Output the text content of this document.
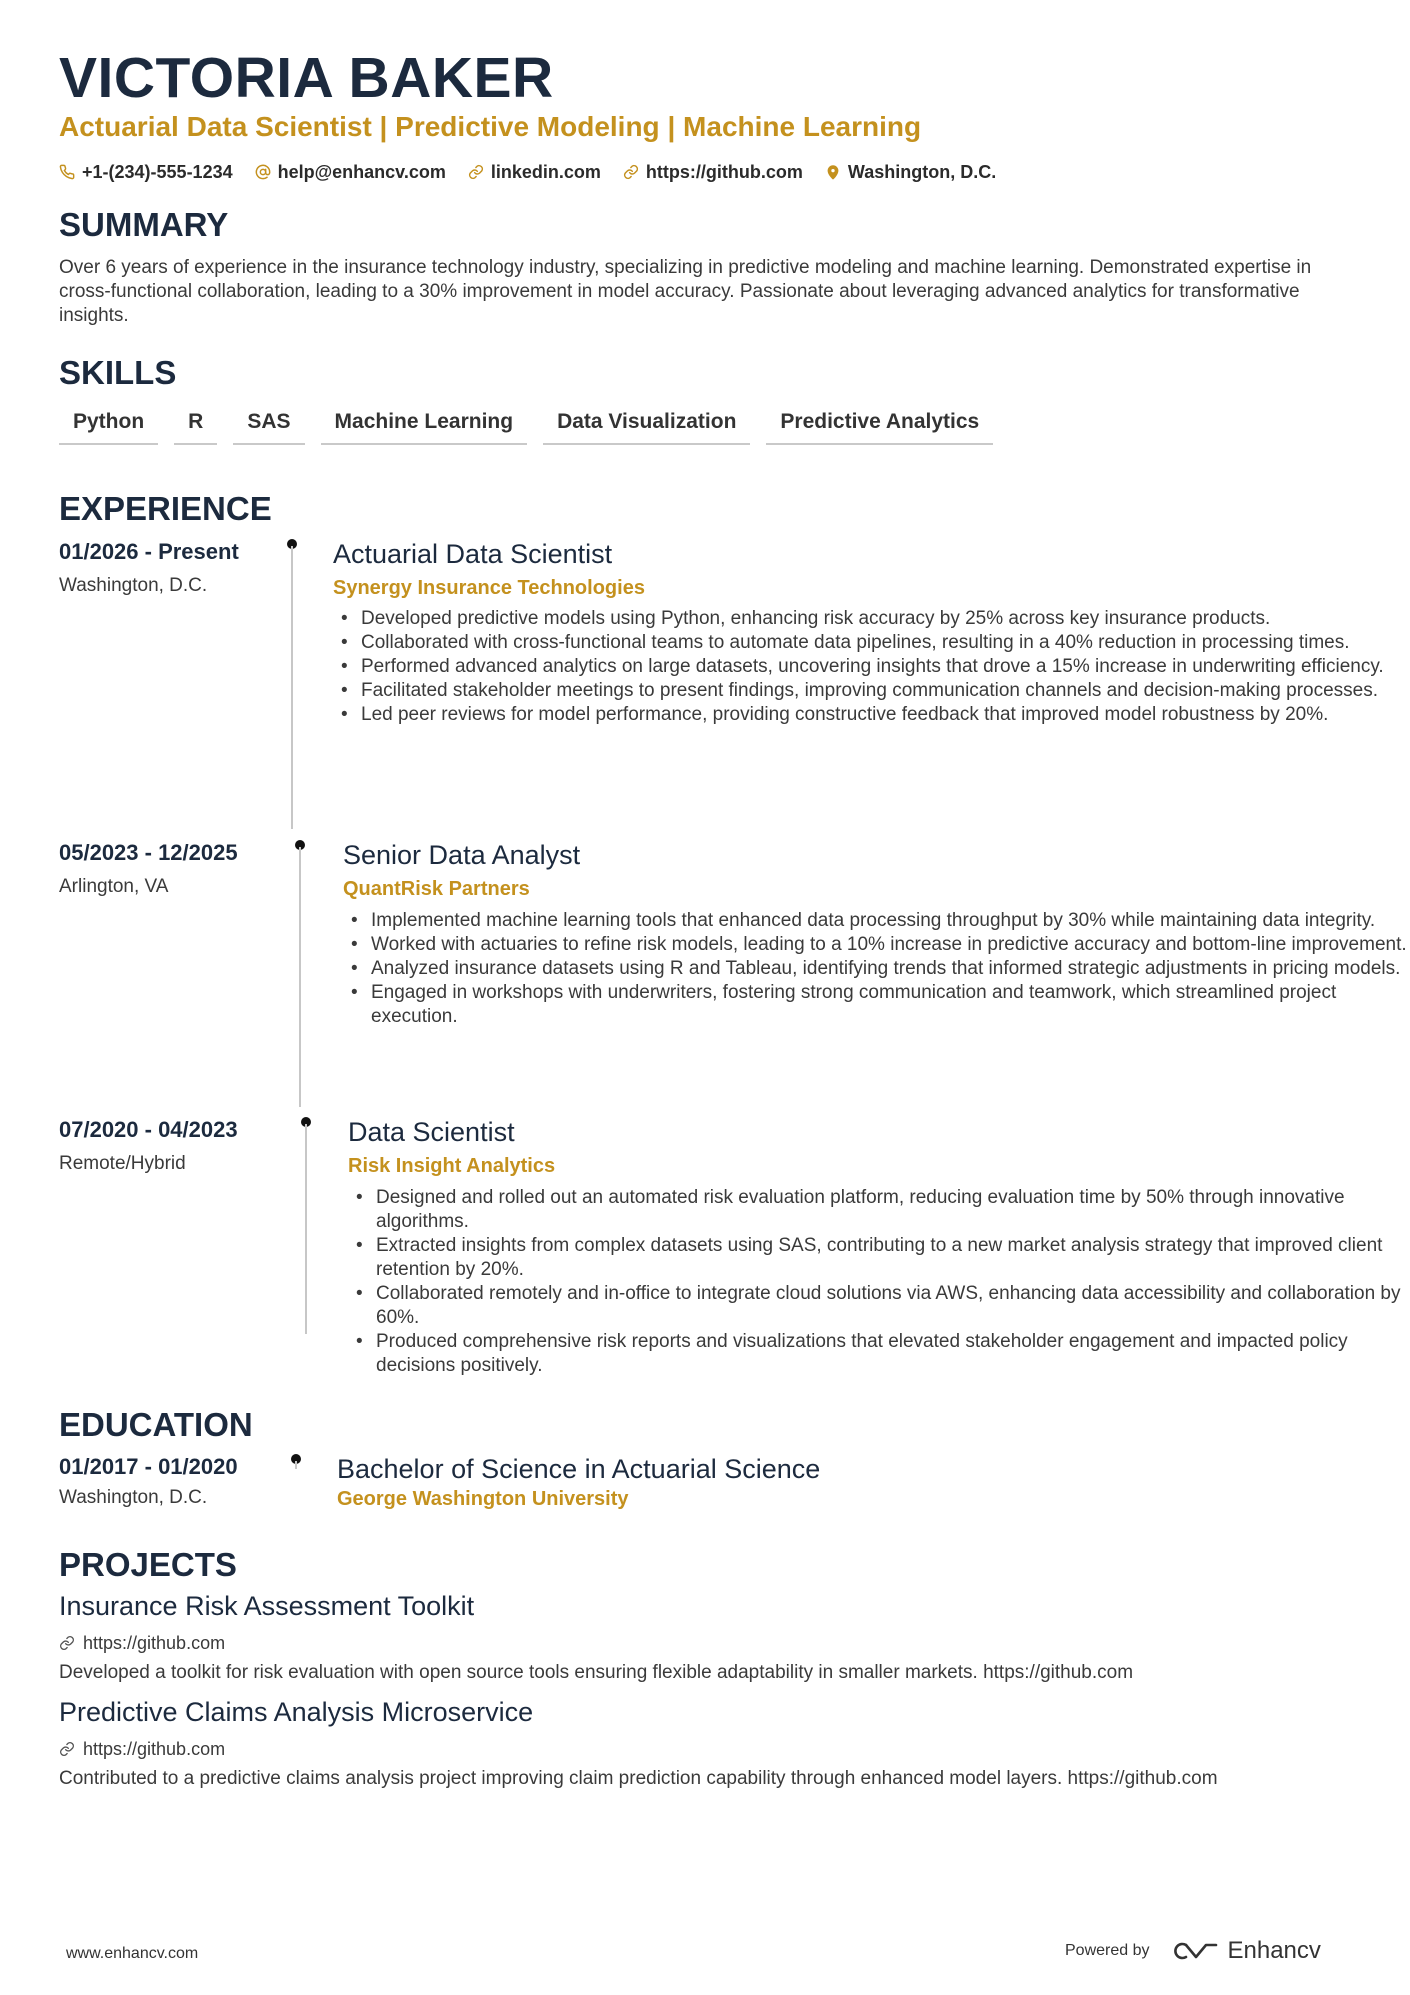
VICTORIA BAKER
Actuarial Data Scientist | Predictive Modeling | Machine Learning
+1-(234)-555-1234	help@enhancv.com	linkedin.com	https://github.com	Washington, D.C.
SUMMARY
Over 6 years of experience in the insurance technology industry, specializing in predictive modeling and machine learning. Demonstrated expertise in cross-functional collaboration, leading to a 30% improvement in model accuracy. Passionate about leveraging advanced analytics for transformative insights.
SKILLS
Python	R	SAS	Machine Learning	Data Visualization	Predictive Analytics
EXPERIENCE
01/2026 - Present
Washington, D.C.
Actuarial Data Scientist
Synergy Insurance Technologies
• Developed predictive models using Python, enhancing risk accuracy by 25% across key insurance products.
• Collaborated with cross-functional teams to automate data pipelines, resulting in a 40% reduction in processing times.
• Performed advanced analytics on large datasets, uncovering insights that drove a 15% increase in underwriting efficiency.
• Facilitated stakeholder meetings to present findings, improving communication channels and decision-making processes.
• Led peer reviews for model performance, providing constructive feedback that improved model robustness by 20%.
05/2023 - 12/2025
Arlington, VA
Senior Data Analyst
QuantRisk Partners
• Implemented machine learning tools that enhanced data processing throughput by 30% while maintaining data integrity.
• Worked with actuaries to refine risk models, leading to a 10% increase in predictive accuracy and bottom-line improvement.
• Analyzed insurance datasets using R and Tableau, identifying trends that informed strategic adjustments in pricing models.
• Engaged in workshops with underwriters, fostering strong communication and teamwork, which streamlined project execution.
07/2020 - 04/2023
Remote/Hybrid
Data Scientist
Risk Insight Analytics
• Designed and rolled out an automated risk evaluation platform, reducing evaluation time by 50% through innovative algorithms.
• Extracted insights from complex datasets using SAS, contributing to a new market analysis strategy that improved client retention by 20%.
• Collaborated remotely and in-office to integrate cloud solutions via AWS, enhancing data accessibility and collaboration by 60%.
• Produced comprehensive risk reports and visualizations that elevated stakeholder engagement and impacted policy decisions positively.
EDUCATION
01/2017 - 01/2020
Washington, D.C.
Bachelor of Science in Actuarial Science
George Washington University
PROJECTS
Insurance Risk Assessment Toolkit
https://github.com
Developed a toolkit for risk evaluation with open source tools ensuring flexible adaptability in smaller markets. https://github.com
Predictive Claims Analysis Microservice
https://github.com
Contributed to a predictive claims analysis project improving claim prediction capability through enhanced model layers. https://github.com
www.enhancv.com	Powered by	Enhancv
